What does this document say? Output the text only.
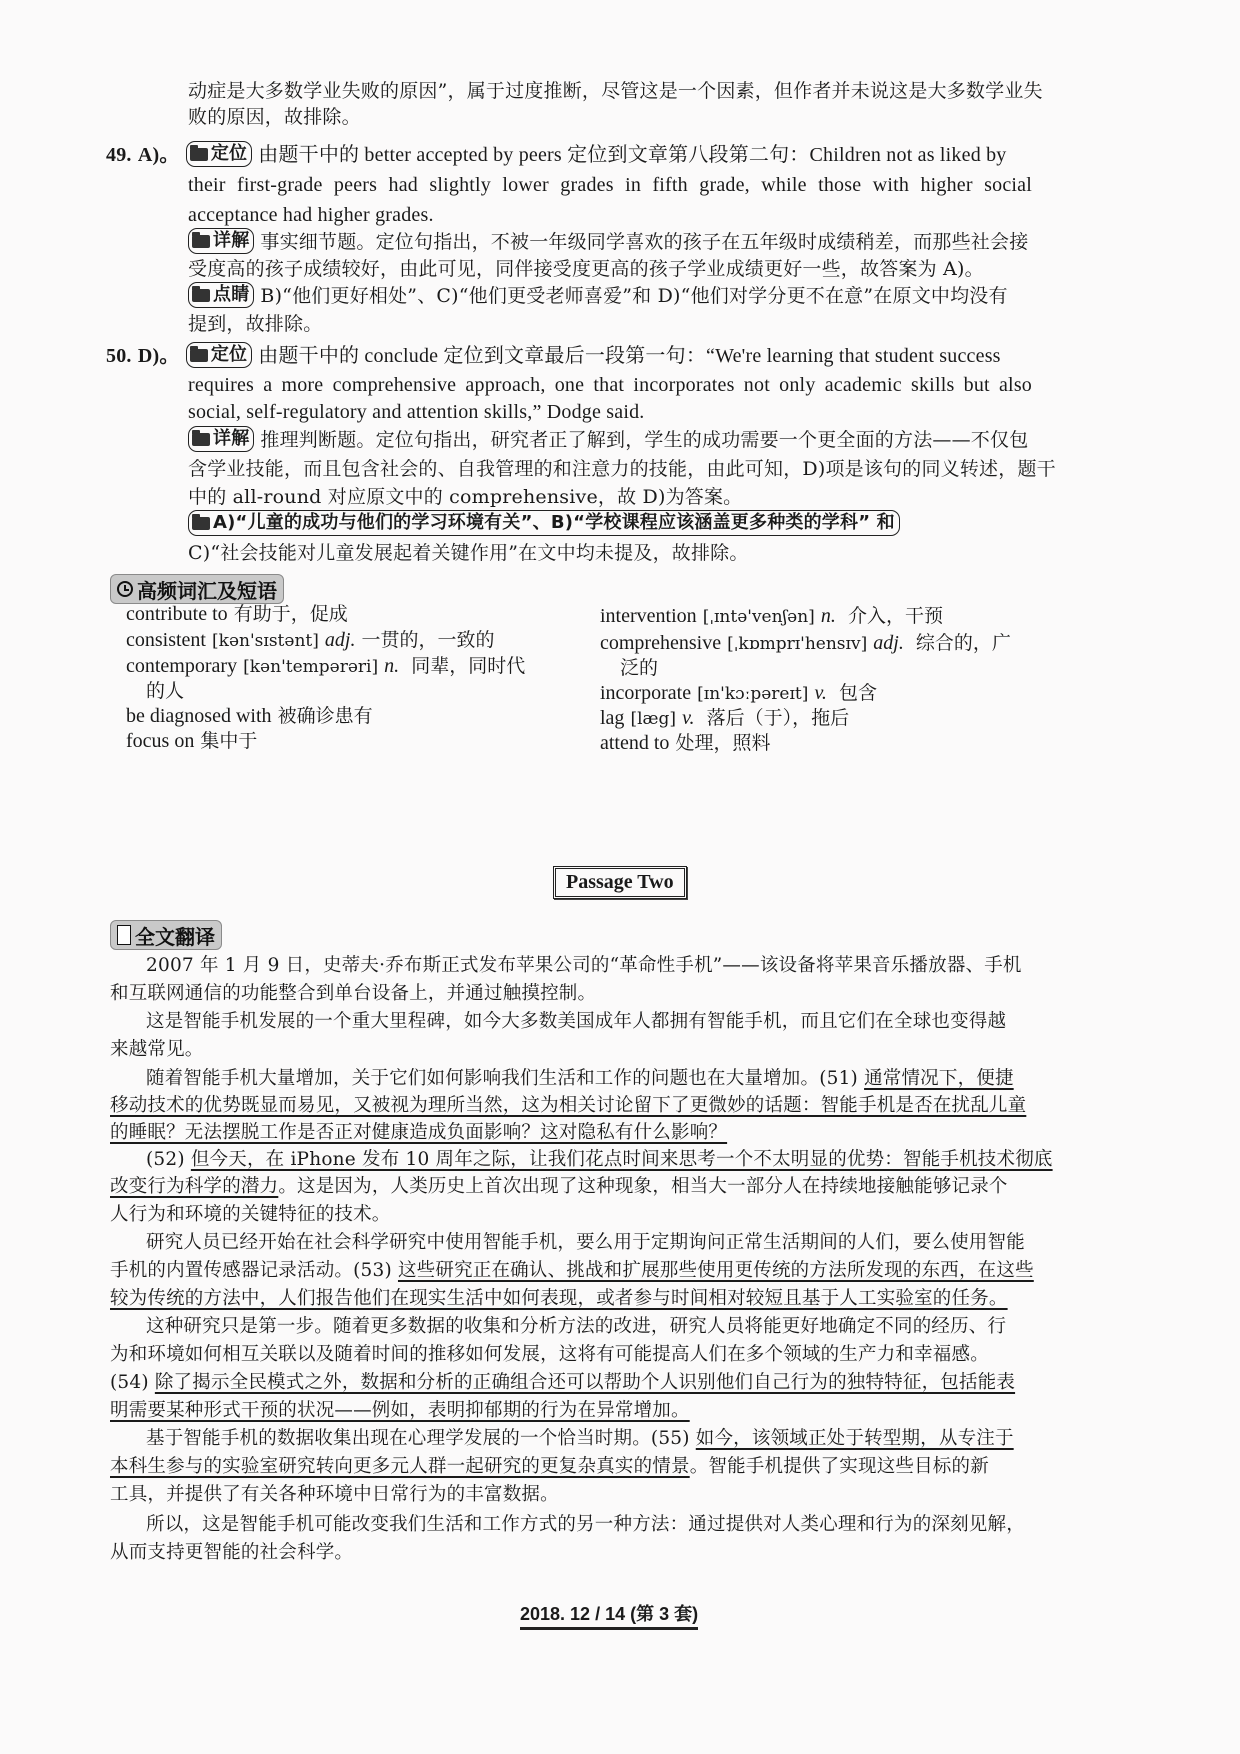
动症是大多数学业失败的原因”，属于过度推断，尽管这是一个因素，但作者并未说这是大多数学业失
败的原因，故排除。
49. A)。 定位 由题干中的 better accepted by peers 定位到文章第八段第二句：Children not as liked by
their first-grade peers had slightly lower grades in fifth grade, while those with higher social
acceptance had higher grades.
详解 事实细节题。定位句指出，不被一年级同学喜欢的孩子在五年级时成绩稍差，而那些社会接
受度高的孩子成绩较好，由此可见，同伴接受度更高的孩子学业成绩更好一些，故答案为 A)。
点睛 B)“他们更好相处”、C)“他们更受老师喜爱”和 D)“他们对学分更不在意”在原文中均没有
提到，故排除。
50. D)。 定位 由题干中的 conclude 定位到文章最后一段第一句：“We're learning that student success
requires a more comprehensive approach, one that incorporates not only academic skills but also
social, self-regulatory and attention skills,” Dodge said.
详解 推理判断题。定位句指出，研究者正了解到，学生的成功需要一个更全面的方法——不仅包
含学业技能，而且包含社会的、自我管理的和注意力的技能，由此可知，D)项是该句的同义转述，题干
中的 all-round 对应原文中的 comprehensive，故 D)为答案。
A)“儿童的成功与他们的学习环境有关”、B)“学校课程应该涵盖更多种类的学科” 和
C)“社会技能对儿童发展起着关键作用”在文中均未提及，故排除。
高频词汇及短语
contribute to 有助于，促成
consistent [kən'sɪstənt] adj. 一贯的，一致的
contemporary [kən'tempərəri] n. 同辈，同时代
的人
be diagnosed with 被确诊患有
focus on 集中于
intervention [ˌɪntə'venʃən] n. 介入，干预
comprehensive [ˌkɒmprɪ'hensɪv] adj. 综合的，广
泛的
incorporate [ɪn'kɔːpəreɪt] v. 包含
lag [læg] v. 落后（于），拖后
attend to 处理，照料
Passage Two
全文翻译
2007 年 1 月 9 日，史蒂夫·乔布斯正式发布苹果公司的“革命性手机”——该设备将苹果音乐播放器、手机
和互联网通信的功能整合到单台设备上，并通过触摸控制。
这是智能手机发展的一个重大里程碑，如今大多数美国成年人都拥有智能手机，而且它们在全球也变得越
来越常见。
随着智能手机大量增加，关于它们如何影响我们生活和工作的问题也在大量增加。(51) 通常情况下，便捷
移动技术的优势既显而易见，又被视为理所当然，这为相关讨论留下了更微妙的话题：智能手机是否在扰乱儿童
的睡眠？无法摆脱工作是否正对健康造成负面影响？这对隐私有什么影响？
(52) 但今天，在 iPhone 发布 10 周年之际，让我们花点时间来思考一个不太明显的优势：智能手机技术彻底
改变行为科学的潜力。这是因为，人类历史上首次出现了这种现象，相当大一部分人在持续地接触能够记录个
人行为和环境的关键特征的技术。
研究人员已经开始在社会科学研究中使用智能手机，要么用于定期询问正常生活期间的人们，要么使用智能
手机的内置传感器记录活动。(53) 这些研究正在确认、挑战和扩展那些使用更传统的方法所发现的东西，在这些
较为传统的方法中，人们报告他们在现实生活中如何表现，或者参与时间相对较短且基于人工实验室的任务。
这种研究只是第一步。随着更多数据的收集和分析方法的改进，研究人员将能更好地确定不同的经历、行
为和环境如何相互关联以及随着时间的推移如何发展，这将有可能提高人们在多个领域的生产力和幸福感。
(54) 除了揭示全民模式之外，数据和分析的正确组合还可以帮助个人识别他们自己行为的独特特征，包括能表
明需要某种形式干预的状况——例如，表明抑郁期的行为在异常增加。
基于智能手机的数据收集出现在心理学发展的一个恰当时期。(55) 如今，该领域正处于转型期，从专注于
本科生参与的实验室研究转向更多元人群一起研究的更复杂真实的情景。智能手机提供了实现这些目标的新
工具，并提供了有关各种环境中日常行为的丰富数据。
所以，这是智能手机可能改变我们生活和工作方式的另一种方法：通过提供对人类心理和行为的深刻见解，
从而支持更智能的社会科学。
2018. 12 / 14 (第 3 套)
